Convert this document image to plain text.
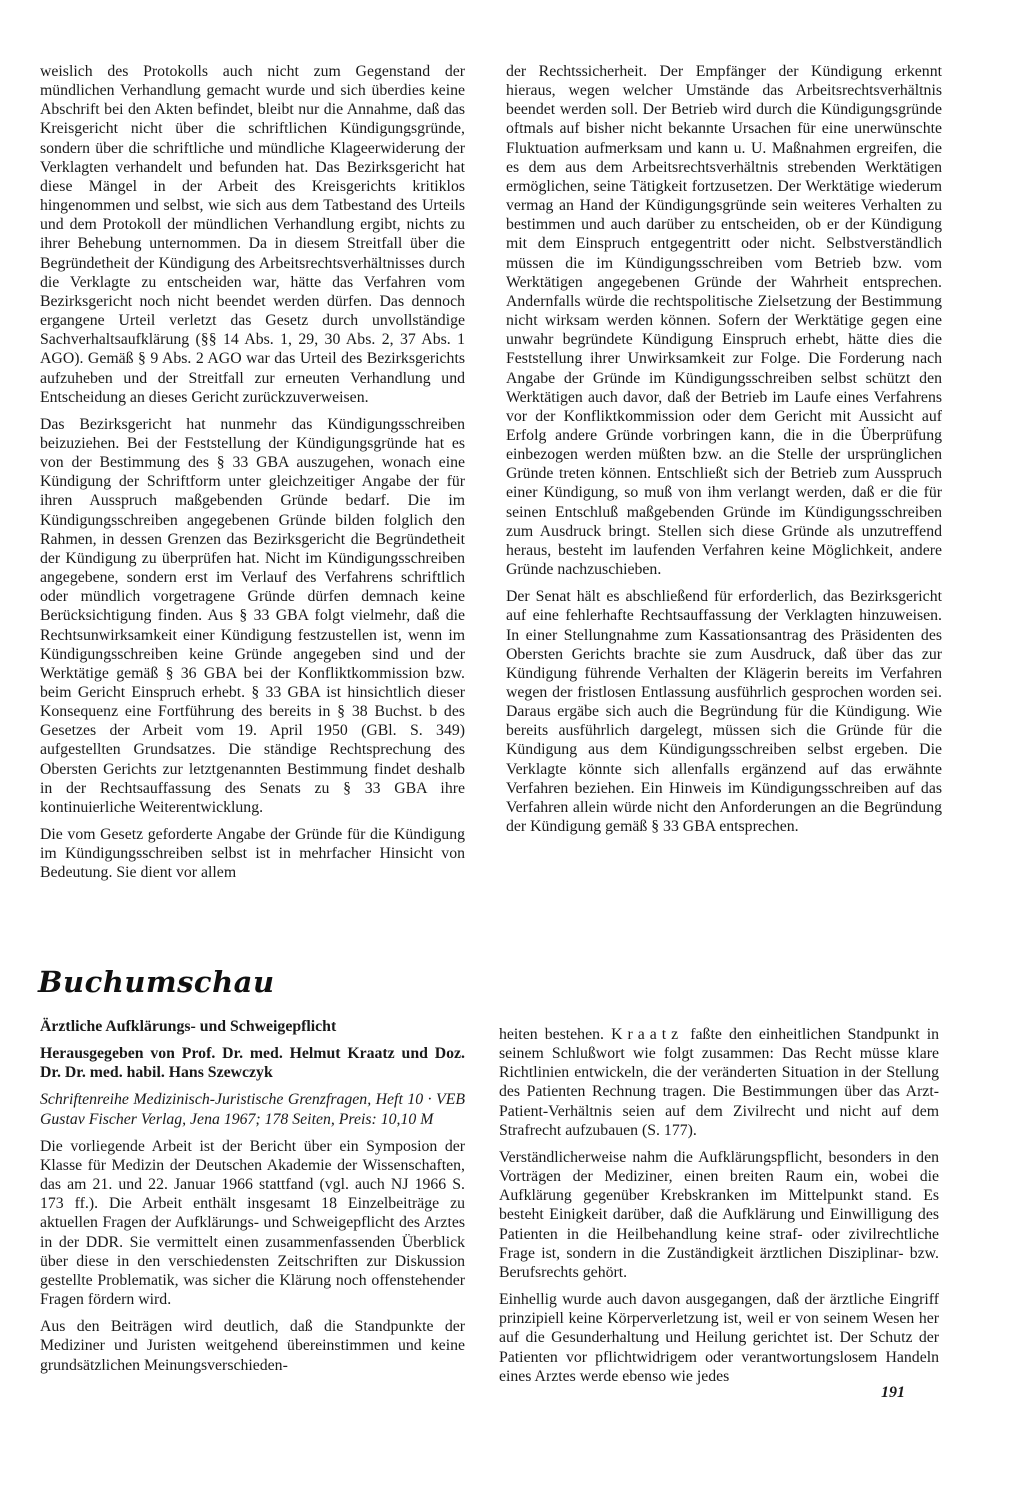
weislich des Protokolls auch nicht zum Gegenstand der mündlichen Verhandlung gemacht wurde und sich überdies keine Abschrift bei den Akten befindet, bleibt nur die Annahme, daß das Kreisgericht nicht über die schriftlichen Kündigungsgründe, sondern über die schriftliche und mündliche Klageerwiderung der Verklagten verhandelt und befunden hat. Das Bezirksgericht hat diese Mängel in der Arbeit des Kreisgerichts kritiklos hingenommen und selbst, wie sich aus dem Tatbestand des Urteils und dem Protokoll der mündlichen Verhandlung ergibt, nichts zu ihrer Behebung unternommen. Da in diesem Streitfall über die Begründetheit der Kündigung des Arbeitsrechtsverhältnisses durch die Verklagte zu entscheiden war, hätte das Verfahren vom Bezirksgericht noch nicht beendet werden dürfen. Das dennoch ergangene Urteil verletzt das Gesetz durch unvollständige Sachverhaltsaufklärung (§§ 14 Abs. 1, 29, 30 Abs. 2, 37 Abs. 1 AGO). Gemäß § 9 Abs. 2 AGO war das Urteil des Bezirksgerichts aufzuheben und der Streitfall zur erneuten Verhandlung und Entscheidung an dieses Gericht zurückzuverweisen.

Das Bezirksgericht hat nunmehr das Kündigungsschreiben beizuziehen. Bei der Feststellung der Kündigungsgründe hat es von der Bestimmung des § 33 GBA auszugehen, wonach eine Kündigung der Schriftform unter gleichzeitiger Angabe der für ihren Ausspruch maßgebenden Gründe bedarf. Die im Kündigungsschreiben angegebenen Gründe bilden folglich den Rahmen, in dessen Grenzen das Bezirksgericht die Begründetheit der Kündigung zu überprüfen hat. Nicht im Kündigungsschreiben angegebene, sondern erst im Verlauf des Verfahrens schriftlich oder mündlich vorgetragene Gründe dürfen demnach keine Berücksichtigung finden. Aus § 33 GBA folgt vielmehr, daß die Rechtsunwirksamkeit einer Kündigung festzustellen ist, wenn im Kündigungsschreiben keine Gründe angegeben sind und der Werktätige gemäß § 36 GBA bei der Konfliktkommission bzw. beim Gericht Einspruch erhebt. § 33 GBA ist hinsichtlich dieser Konsequenz eine Fortführung des bereits in § 38 Buchst. b des Gesetzes der Arbeit vom 19. April 1950 (GBl. S. 349) aufgestellten Grundsatzes. Die ständige Rechtsprechung des Obersten Gerichts zur letztgenannten Bestimmung findet deshalb in der Rechtsauffassung des Senats zu § 33 GBA ihre kontinuierliche Weiterentwicklung.

Die vom Gesetz geforderte Angabe der Gründe für die Kündigung im Kündigungsschreiben selbst ist in mehrfacher Hinsicht von Bedeutung. Sie dient vor allem

der Rechtssicherheit. Der Empfänger der Kündigung erkennt hieraus, wegen welcher Umstände das Arbeitsrechtsverhältnis beendet werden soll. Der Betrieb wird durch die Kündigungsgründe oftmals auf bisher nicht bekannte Ursachen für eine unerwünschte Fluktuation aufmerksam und kann u. U. Maßnahmen ergreifen, die es dem aus dem Arbeitsrechtsverhältnis strebenden Werktätigen ermöglichen, seine Tätigkeit fortzusetzen. Der Werktätige wiederum vermag an Hand der Kündigungsgründe sein weiteres Verhalten zu bestimmen und auch darüber zu entscheiden, ob er der Kündigung mit dem Einspruch entgegentritt oder nicht. Selbstverständlich müssen die im Kündigungsschreiben vom Betrieb bzw. vom Werktätigen angegebenen Gründe der Wahrheit entsprechen. Andernfalls würde die rechtspolitische Zielsetzung der Bestimmung nicht wirksam werden können. Sofern der Werktätige gegen eine unwahr begründete Kündigung Einspruch erhebt, hätte dies die Feststellung ihrer Unwirksamkeit zur Folge. Die Forderung nach Angabe der Gründe im Kündigungsschreiben selbst schützt den Werktätigen auch davor, daß der Betrieb im Laufe eines Verfahrens vor der Konfliktkommission oder dem Gericht mit Aussicht auf Erfolg andere Gründe vorbringen kann, die in die Überprüfung einbezogen werden müßten bzw. an die Stelle der ursprünglichen Gründe treten können. Entschließt sich der Betrieb zum Ausspruch einer Kündigung, so muß von ihm verlangt werden, daß er die für seinen Entschluß maßgebenden Gründe im Kündigungsschreiben zum Ausdruck bringt. Stellen sich diese Gründe als unzutreffend heraus, besteht im laufenden Verfahren keine Möglichkeit, andere Gründe nachzuschieben.

Der Senat hält es abschließend für erforderlich, das Bezirksgericht auf eine fehlerhafte Rechtsauffassung der Verklagten hinzuweisen. In einer Stellungnahme zum Kassationsantrag des Präsidenten des Obersten Gerichts brachte sie zum Ausdruck, daß über das zur Kündigung führende Verhalten der Klägerin bereits im Verfahren wegen der fristlosen Entlassung ausführlich gesprochen worden sei. Daraus ergäbe sich auch die Begründung für die Kündigung. Wie bereits ausführlich dargelegt, müssen sich die Gründe für die Kündigung aus dem Kündigungsschreiben selbst ergeben. Die Verklagte könnte sich allenfalls ergänzend auf das erwähnte Verfahren beziehen. Ein Hinweis im Kündigungsschreiben auf das Verfahren allein würde nicht den Anforderungen an die Begründung der Kündigung gemäß § 33 GBA entsprechen.

Buchumschau

Ärztliche Aufklärungs- und Schweigepflicht

Herausgegeben von Prof. Dr. med. Helmut Kraatz und Doz. Dr. Dr. med. habil. Hans Szewczyk

Schriftenreihe Medizinisch-Juristische Grenzfragen, Heft 10 · VEB Gustav Fischer Verlag, Jena 1967; 178 Seiten, Preis: 10,10 M

Die vorliegende Arbeit ist der Bericht über ein Symposion der Klasse für Medizin der Deutschen Akademie der Wissenschaften, das am 21. und 22. Januar 1966 stattfand (vgl. auch NJ 1966 S. 173 ff.). Die Arbeit enthält insgesamt 18 Einzelbeiträge zu aktuellen Fragen der Aufklärungs- und Schweigepflicht des Arztes in der DDR. Sie vermittelt einen zusammenfassenden Überblick über diese in den verschiedensten Zeitschriften zur Diskussion gestellte Problematik, was sicher die Klärung noch offenstehender Fragen fördern wird.

Aus den Beiträgen wird deutlich, daß die Standpunkte der Mediziner und Juristen weitgehend übereinstimmen und keine grundsätzlichen Meinungsverschieden-

heiten bestehen. Kraatz faßte den einheitlichen Standpunkt in seinem Schlußwort wie folgt zusammen: Das Recht müsse klare Richtlinien entwickeln, die der veränderten Situation in der Stellung des Patienten Rechnung tragen. Die Bestimmungen über das Arzt-Patient-Verhältnis seien auf dem Zivilrecht und nicht auf dem Strafrecht aufzubauen (S. 177).

Verständlicherweise nahm die Aufklärungspflicht, besonders in den Vorträgen der Mediziner, einen breiten Raum ein, wobei die Aufklärung gegenüber Krebskranken im Mittelpunkt stand. Es besteht Einigkeit darüber, daß die Aufklärung und Einwilligung des Patienten in die Heilbehandlung keine straf- oder zivilrechtliche Frage ist, sondern in die Zuständigkeit ärztlichen Disziplinar- bzw. Berufsrechts gehört.

Einhellig wurde auch davon ausgegangen, daß der ärztliche Eingriff prinzipiell keine Körperverletzung ist, weil er von seinem Wesen her auf die Gesunderhaltung und Heilung gerichtet ist. Der Schutz der Patienten vor pflichtwidrigem oder verantwortungslosem Handeln eines Arztes werde ebenso wie jedes

191
